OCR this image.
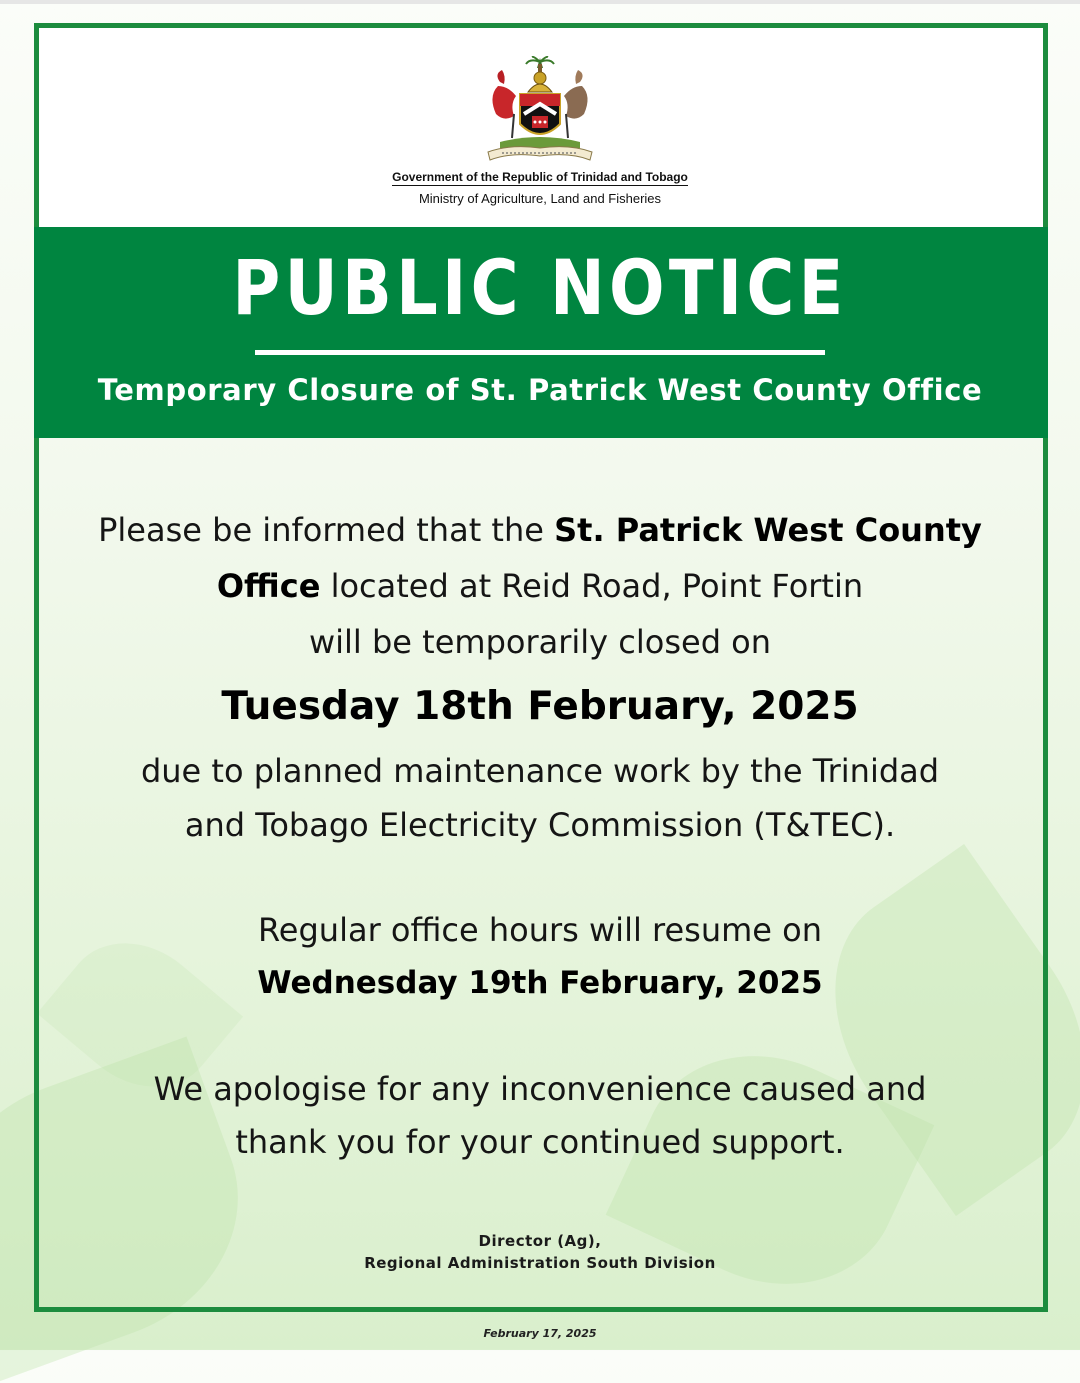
Government of the Republic of Trinidad and Tobago
Ministry of Agriculture, Land and Fisheries
PUBLIC NOTICE
Temporary Closure of St. Patrick West County Office
Please be informed that the St. Patrick West County
Office located at Reid Road, Point Fortin
will be temporarily closed on
Tuesday 18th February, 2025
due to planned maintenance work by the Trinidad
and Tobago Electricity Commission (T&TEC).
Regular office hours will resume on
Wednesday 19th February, 2025
We apologise for any inconvenience caused and
thank you for your continued support.
Director (Ag),
Regional Administration South Division
February 17, 2025
